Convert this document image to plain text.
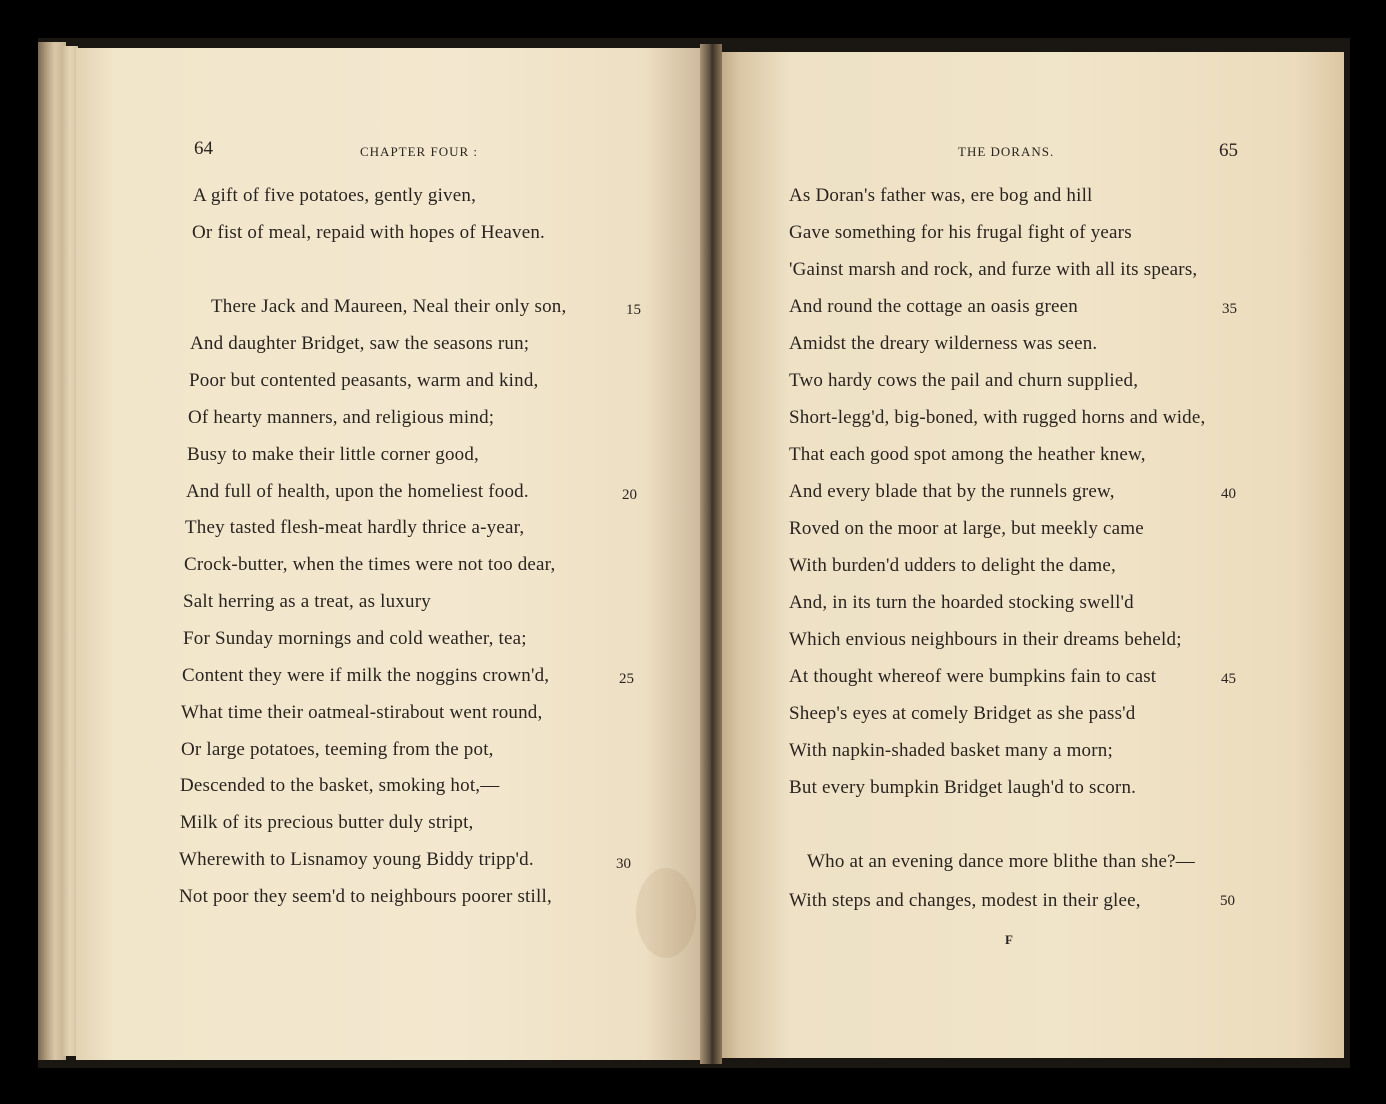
64	CHAPTER FOUR :
A gift of five potatoes, gently given,
Or fist of meal, repaid with hopes of Heaven.
There Jack and Maureen, Neal their only son,
And daughter Bridget, saw the seasons run;
Poor but contented peasants, warm and kind,
Of hearty manners, and religious mind;
Busy to make their little corner good,
And full of health, upon the homeliest food.
They tasted flesh-meat hardly thrice a-year,
Crock-butter, when the times were not too dear,
Salt herring as a treat, as luxury
For Sunday mornings and cold weather, tea;
Content they were if milk the noggins crown'd,
What time their oatmeal-stirabout went round,
Or large potatoes, teeming from the pot,
Descended to the basket, smoking hot,—
Milk of its precious butter duly stript,
Wherewith to Lisnamoy young Biddy tripp'd.
Not poor they seem'd to neighbours poorer still,
15
20
25
30
THE DORANS.	65
As Doran's father was, ere bog and hill
Gave something for his frugal fight of years
'Gainst marsh and rock, and furze with all its spears,
And round the cottage an oasis green
Amidst the dreary wilderness was seen.
Two hardy cows the pail and churn supplied,
Short-legg'd, big-boned, with rugged horns and wide,
That each good spot among the heather knew,
And every blade that by the runnels grew,
Roved on the moor at large, but meekly came
With burden'd udders to delight the dame,
And, in its turn the hoarded stocking swell'd
Which envious neighbours in their dreams beheld;
At thought whereof were bumpkins fain to cast
Sheep's eyes at comely Bridget as she pass'd
With napkin-shaded basket many a morn;
But every bumpkin Bridget laugh'd to scorn.
Who at an evening dance more blithe than she?—
With steps and changes, modest in their glee,
35
40
45
50
F
